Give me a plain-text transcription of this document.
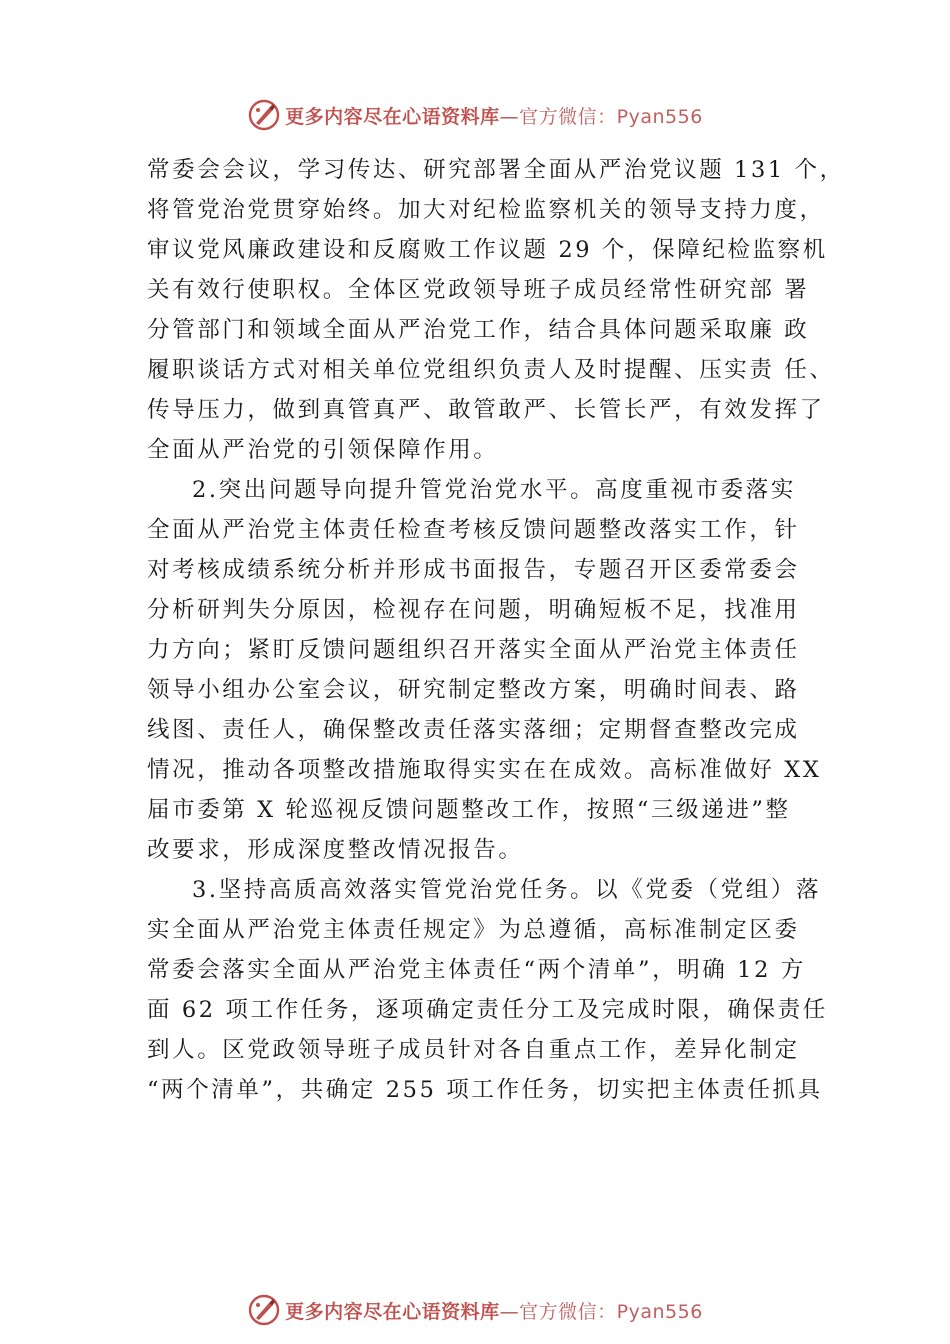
更多内容尽在心语资料库—官方微信：Pyan556
常委会会议，学习传达、研究部署全面从严治党议题 131 个，
将管党治党贯穿始终。加大对纪检监察机关的领导支持力度，
审议党风廉政建设和反腐败工作议题 29 个，保障纪检监察机
关有效行使职权。全体区党政领导班子成员经常性研究部 署
分管部门和领域全面从严治党工作，结合具体问题采取廉 政
履职谈话方式对相关单位党组织负责人及时提醒、压实责 任、
传导压力，做到真管真严、敢管敢严、长管长严，有效发挥了
全面从严治党的引领保障作用。
2.突出问题导向提升管党治党水平。高度重视市委落实
全面从严治党主体责任检查考核反馈问题整改落实工作，针
对考核成绩系统分析并形成书面报告，专题召开区委常委会
分析研判失分原因，检视存在问题，明确短板不足，找准用
力方向；紧盯反馈问题组织召开落实全面从严治党主体责任
领导小组办公室会议，研究制定整改方案，明确时间表、路
线图、责任人，确保整改责任落实落细；定期督查整改完成
情况，推动各项整改措施取得实实在在成效。高标准做好 XX
届市委第 X 轮巡视反馈问题整改工作，按照“三级递进”整
改要求，形成深度整改情况报告。
3.坚持高质高效落实管党治党任务。以《党委（党组）落
实全面从严治党主体责任规定》为总遵循，高标准制定区委
常委会落实全面从严治党主体责任“两个清单”，明确 12 方
面 62 项工作任务，逐项确定责任分工及完成时限，确保责任
到人。区党政领导班子成员针对各自重点工作，差异化制定
“两个清单”，共确定 255 项工作任务，切实把主体责任抓具
更多内容尽在心语资料库—官方微信：Pyan556
